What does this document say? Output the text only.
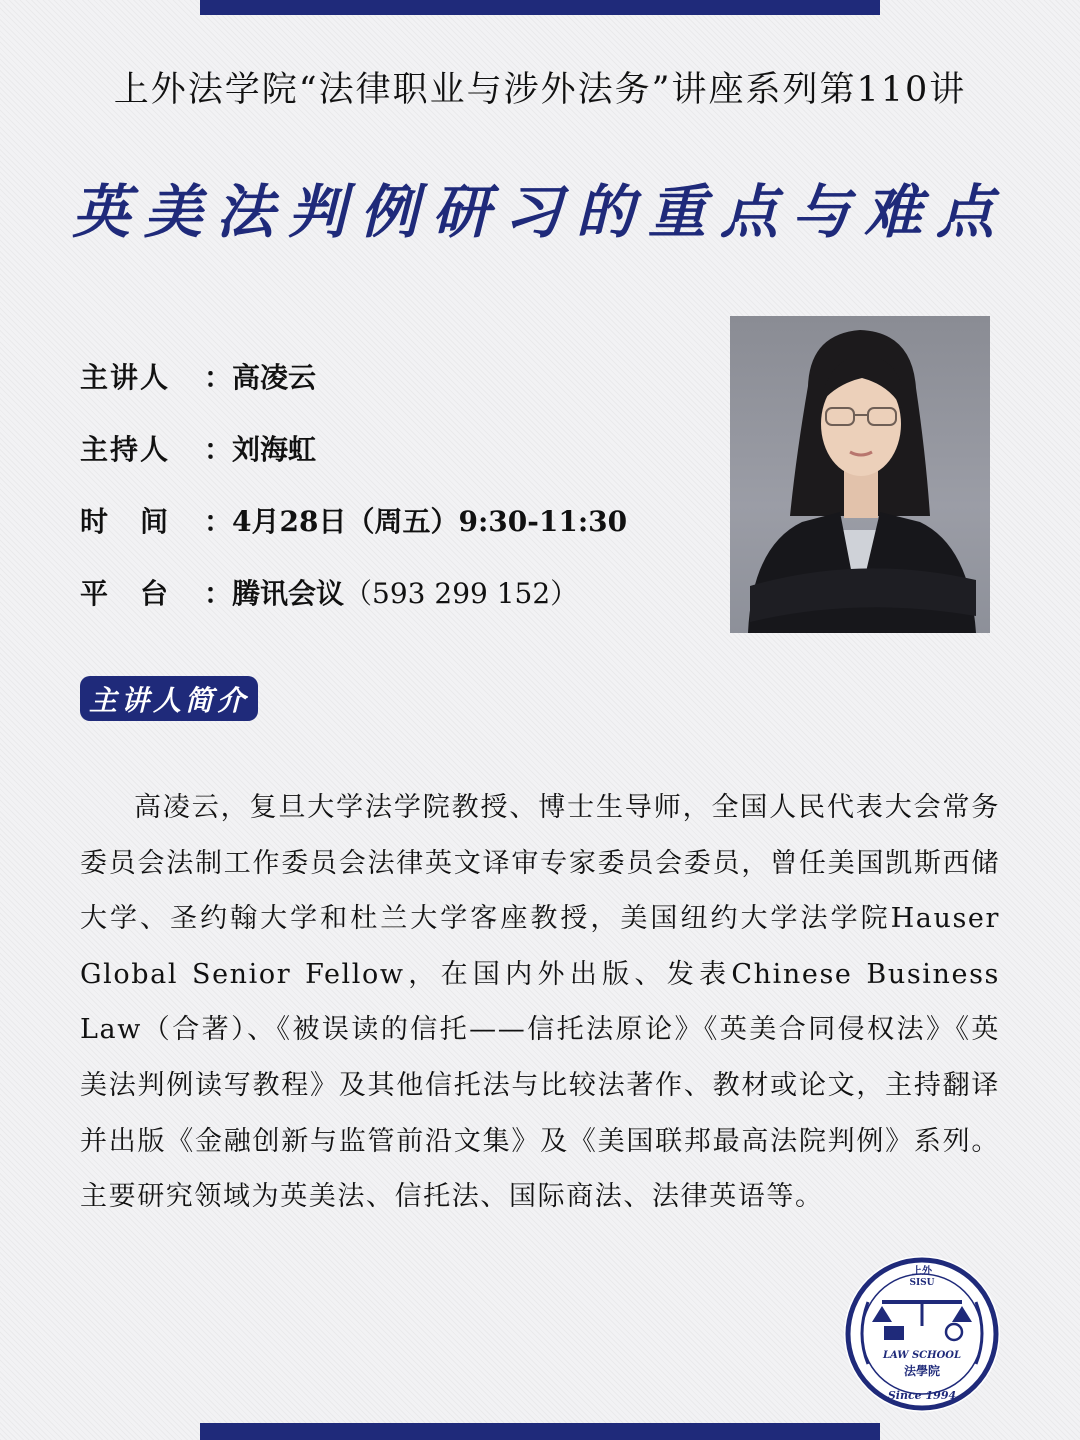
上外法学院“法律职业与涉外法务”讲座系列第110讲
英美法判例研习的重点与难点
主讲人	： 高凌云
主持人	： 刘海虹
时　间	： 4月28日（周五）9:30-11:30
平　台	： 腾讯会议 （593 299 152）
主讲人简介

高凌云，复旦大学法学院教授、博士生导师，全国人民代表大会常务委员会法制工作委员会法律英文译审专家委员会委员，曾任美国凯斯西储大学、圣约翰大学和杜兰大学客座教授，美国纽约大学法学院Hauser Global Senior Fellow，在国内外出版、发表Chinese Business Law（合著）、《被误读的信托——信托法原论》《英美合同侵权法》《英美法判例读写教程》及其他信托法与比较法著作、教材或论文，主持翻译并出版《金融创新与监管前沿文集》及《美国联邦最高法院判例》系列。主要研究领域为英美法、信托法、国际商法、法律英语等。

上外
SISU
LAW SCHOOL
法學院
Since 1994
